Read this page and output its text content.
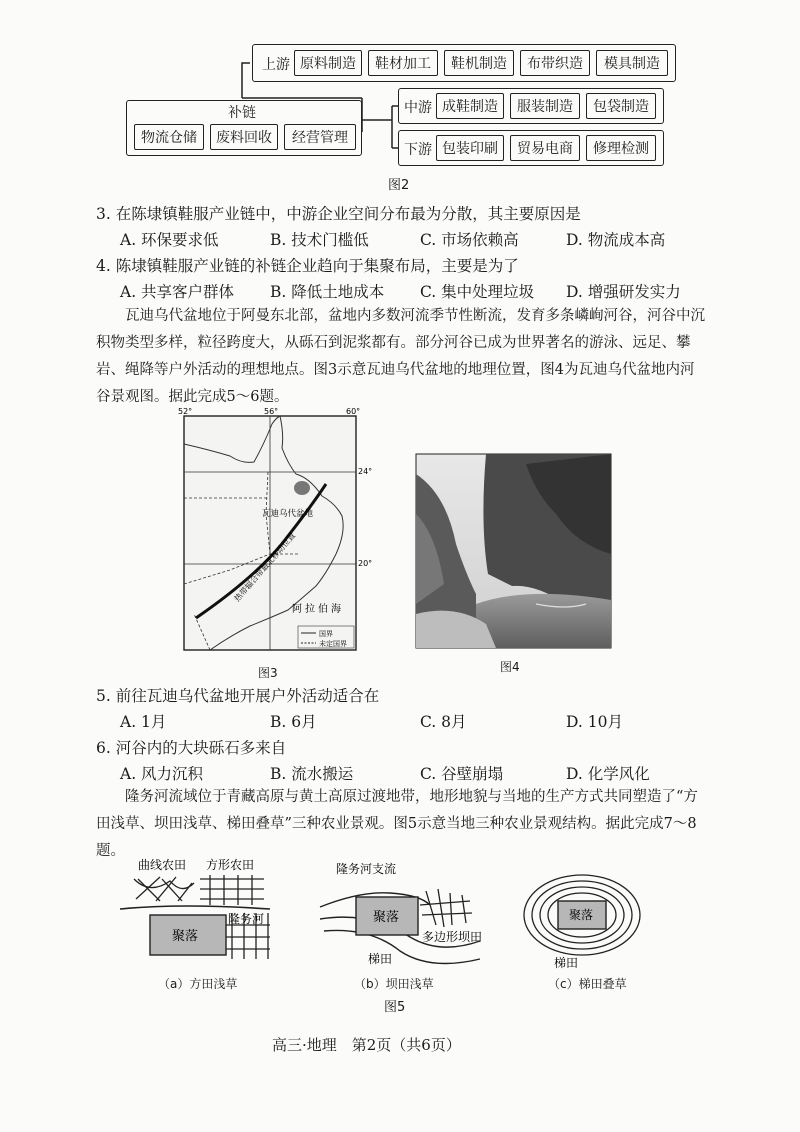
上游 原料制造	鞋材加工	鞋机制造	布带织造	模具制造
补链
物流仓储	废料回收	经营管理
中游 成鞋制造	服装制造	包袋制造
下游 包装印刷	贸易电商	修理检测
图2
3. 在陈埭镇鞋服产业链中，中游企业空间分布最为分散，其主要原因是
A. 环保要求低	B. 技术门槛低	C. 市场依赖高	D. 物流成本高
4. 陈埭镇鞋服产业链的补链企业趋向于集聚布局，主要是为了
A. 共享客户群体 B. 降低土地成本 C. 集中处理垃圾 D. 增强研发实力
瓦迪乌代盆地位于阿曼东北部，盆地内多数河流季节性断流，发育多条嶙峋河谷，河谷中沉积物类型多样，粒径跨度大，从砾石到泥浆都有。部分河谷已成为世界著名的游泳、远足、攀岩、绳降等户外活动的理想地点。图3示意瓦迪乌代盆地的地理位置，图4为瓦迪乌代盆地内河谷景观图。据此完成5～6题。
国界
未定国界
52°	56°	60°
24°
20°
瓦迪乌代盆地
热带辐合带最北移动位置
阿拉伯海
图3	图4
5. 前往瓦迪乌代盆地开展户外活动适合在
A. 1月	B. 6月	C. 8月	D. 10月
6. 河谷内的大块砾石多来自
A. 风力沉积	B. 流水搬运	C. 谷壁崩塌	D. 化学风化
隆务河流域位于青藏高原与黄土高原过渡地带，地形地貌与当地的生产方式共同塑造了“方田浅草、坝田浅草、梯田叠草”三种农业景观。图5示意当地三种农业景观结构。据此完成7～8题。
曲线农田 方形农田
聚落
隆务河
隆务河支流
聚落
多边形坝田
梯田
聚落
梯田
（a）方田浅草	（b）坝田浅草	（c）梯田叠草
图5
高三·地理　第2页（共6页）
